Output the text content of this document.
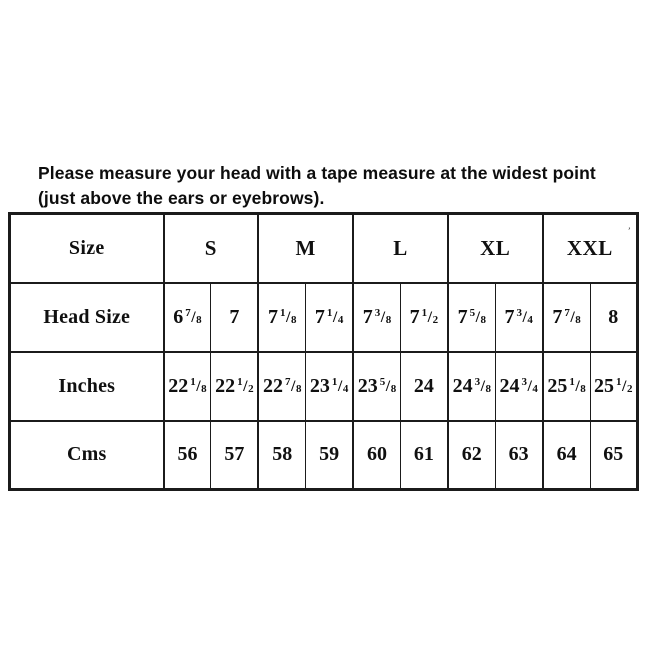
Please measure your head with a tape measure at the widest point
(just above the ears or eyebrows).
Size	S		M		L		XL		XXL	
Head Size	6 $^7$/8	7	7 $^1$/8	7 $^1$/4	7 $^3$/8	7 $^1$/2	7 $^5$/8	7 $^3$/4	7 $^7$/8	8
Inches	22 $^1$/8	22 $^1$/2	22 $^7$/8	23 $^1$/4	23 $^5$/8	24	24 $^3$/8	24 $^3$/4	25 $^1$/8	25 $^1$/2
Cms	56	57	58	59	60	61	62	63	64	65
’
